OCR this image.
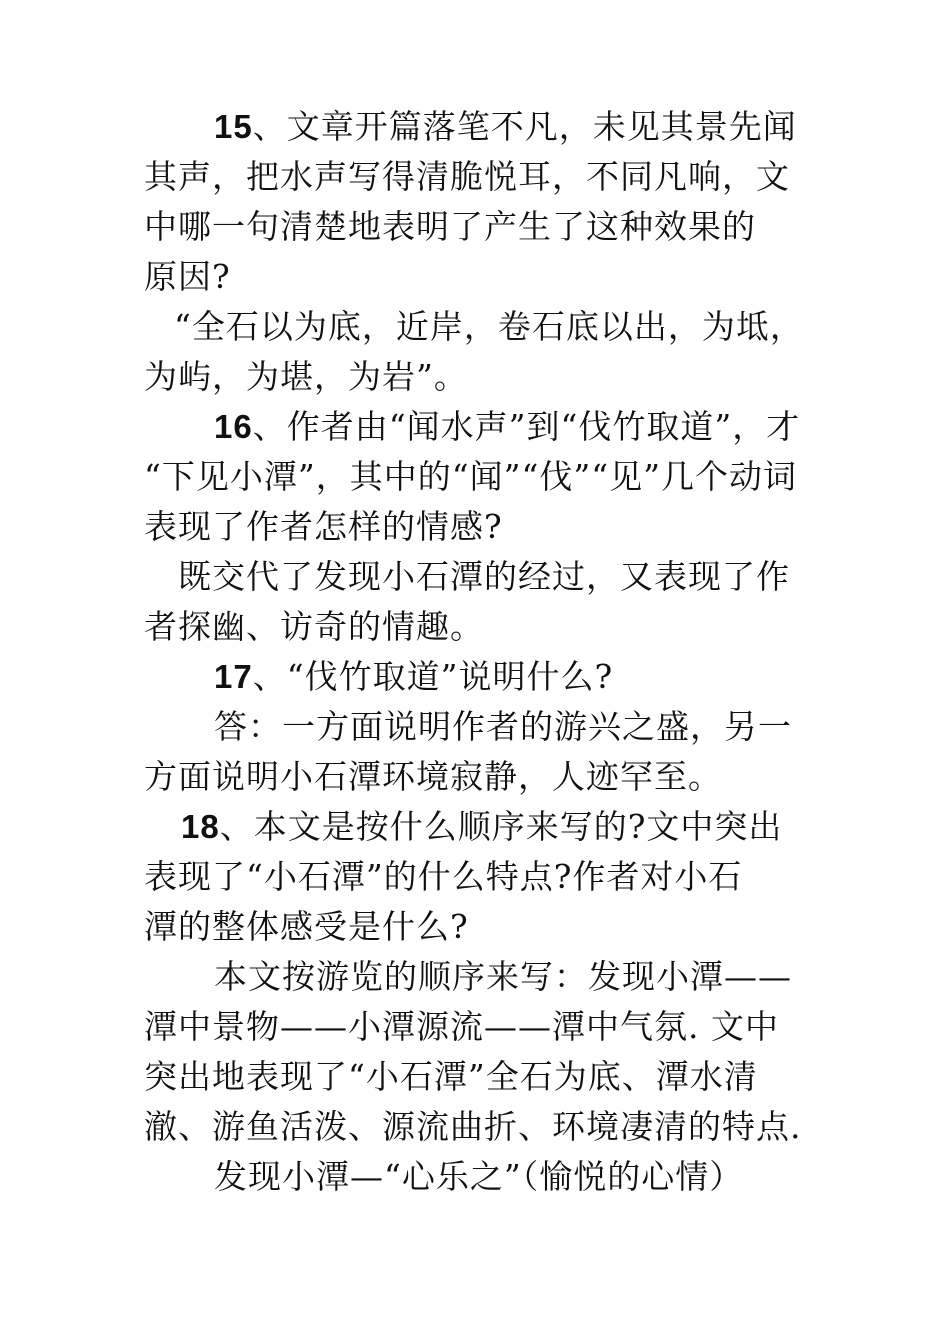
15、文章开篇落笔不凡，未见其景先闻
其声，把水声写得清脆悦耳，不同凡响，文
中哪一句清楚地表明了产生了这种效果的
原因?
“全石以为底，近岸，卷石底以出，为坻，
为屿，为堪，为岩”。
16、作者由“闻水声”到“伐竹取道”，才
“下见小潭”，其中的“闻”“伐”“见”几个动词
表现了作者怎样的情感?
既交代了发现小石潭的经过，又表现了作
者探幽、访奇的情趣。
17、“伐竹取道”说明什么?
答：一方面说明作者的游兴之盛，另一
方面说明小石潭环境寂静，人迹罕至。
18、本文是按什么顺序来写的?文中突出
表现了“小石潭”的什么特点?作者对小石
潭的整体感受是什么?
本文按游览的顺序来写：发现小潭——
潭中景物——小潭源流——潭中气氛. 文中
突出地表现了“小石潭”全石为底、潭水清
澈、游鱼活泼、源流曲折、环境凄清的特点.
发现小潭—“心乐之”（愉悦的心情）
